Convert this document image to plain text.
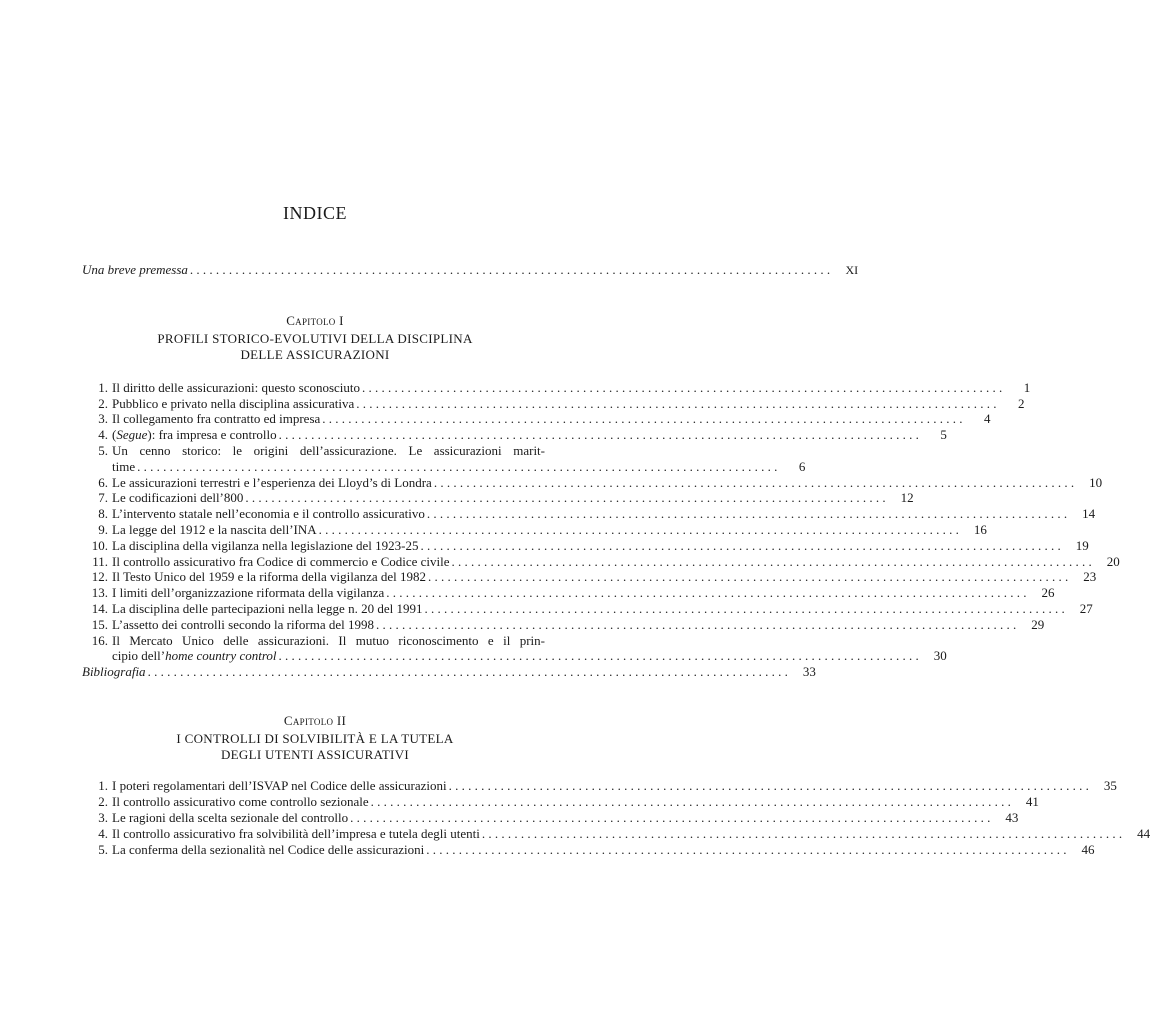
INDICE
Una breve premessa . . .	XI
Capitolo I
PROFILI STORICO-EVOLUTIVI DELLA DISCIPLINA
DELLE ASSICURAZIONI
1. Il diritto delle assicurazioni: questo sconosciuto . . .	1
2. Pubblico e privato nella disciplina assicurativa . . .	2
3. Il collegamento fra contratto ed impresa . . .	4
4. (Segue): fra impresa e controllo . . .	5
5. Un cenno storico: le origini dell’assicurazione. Le assicurazioni marit-
time . . .	6
6. Le assicurazioni terrestri e l’esperienza dei Lloyd’s di Londra . . .	10
7. Le codificazioni dell’800 . . .	12
8. L’intervento statale nell’economia e il controllo assicurativo . . .	14
9. La legge del 1912 e la nascita dell’INA . . .	16
10. La disciplina della vigilanza nella legislazione del 1923-25 . . .	19
11. Il controllo assicurativo fra Codice di commercio e Codice civile . . .	20
12. Il Testo Unico del 1959 e la riforma della vigilanza del 1982 . . .	23
13. I limiti dell’organizzazione riformata della vigilanza . . .	26
14. La disciplina delle partecipazioni nella legge n. 20 del 1991 . . .	27
15. L’assetto dei controlli secondo la riforma del 1998 . . .	29
16. Il Mercato Unico delle assicurazioni. Il mutuo riconoscimento e il prin-
cipio dell’home country control . . .	30
Bibliografia . . .	33
Capitolo II
I CONTROLLI DI SOLVIBILITÀ E LA TUTELA
DEGLI UTENTI ASSICURATIVI
1. I poteri regolamentari dell’ISVAP nel Codice delle assicurazioni . . .	35
2. Il controllo assicurativo come controllo sezionale . . .	41
3. Le ragioni della scelta sezionale del controllo . . .	43
4. Il controllo assicurativo fra solvibilità dell’impresa e tutela degli utenti . . .	44
5. La conferma della sezionalità nel Codice delle assicurazioni . . .	46
